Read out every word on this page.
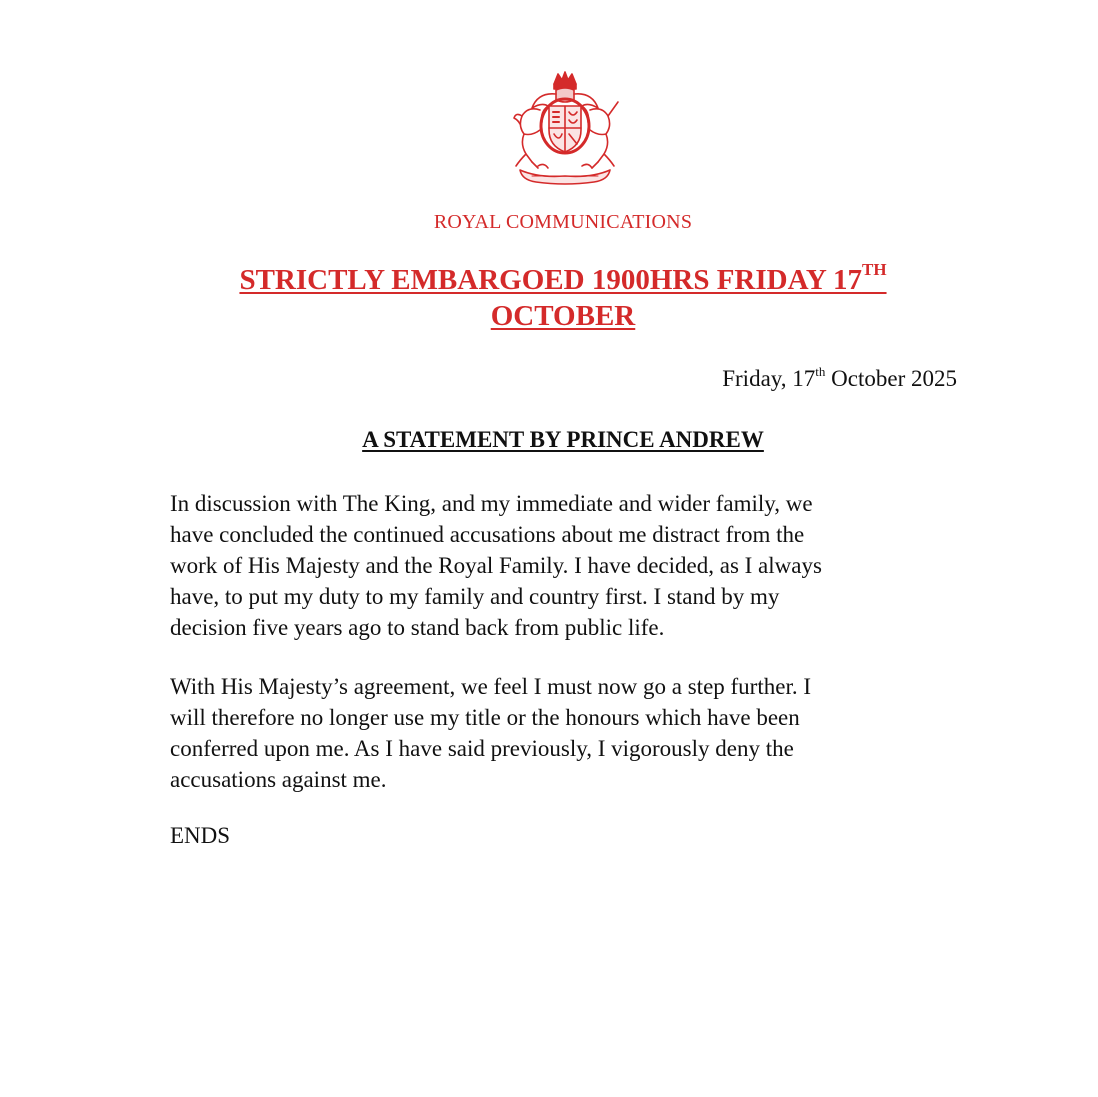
ROYAL COMMUNICATIONS
STRICTLY EMBARGOED 1900HRS FRIDAY 17TH
OCTOBER
Friday, 17th October 2025
A STATEMENT BY PRINCE ANDREW

In discussion with The King, and my immediate and wider family, we
have concluded the continued accusations about me distract from the
work of His Majesty and the Royal Family. I have decided, as I always
have, to put my duty to my family and country first. I stand by my
decision five years ago to stand back from public life.

With His Majesty’s agreement, we feel I must now go a step further. I
will therefore no longer use my title or the honours which have been
conferred upon me. As I have said previously, I vigorously deny the
accusations against me.

ENDS
